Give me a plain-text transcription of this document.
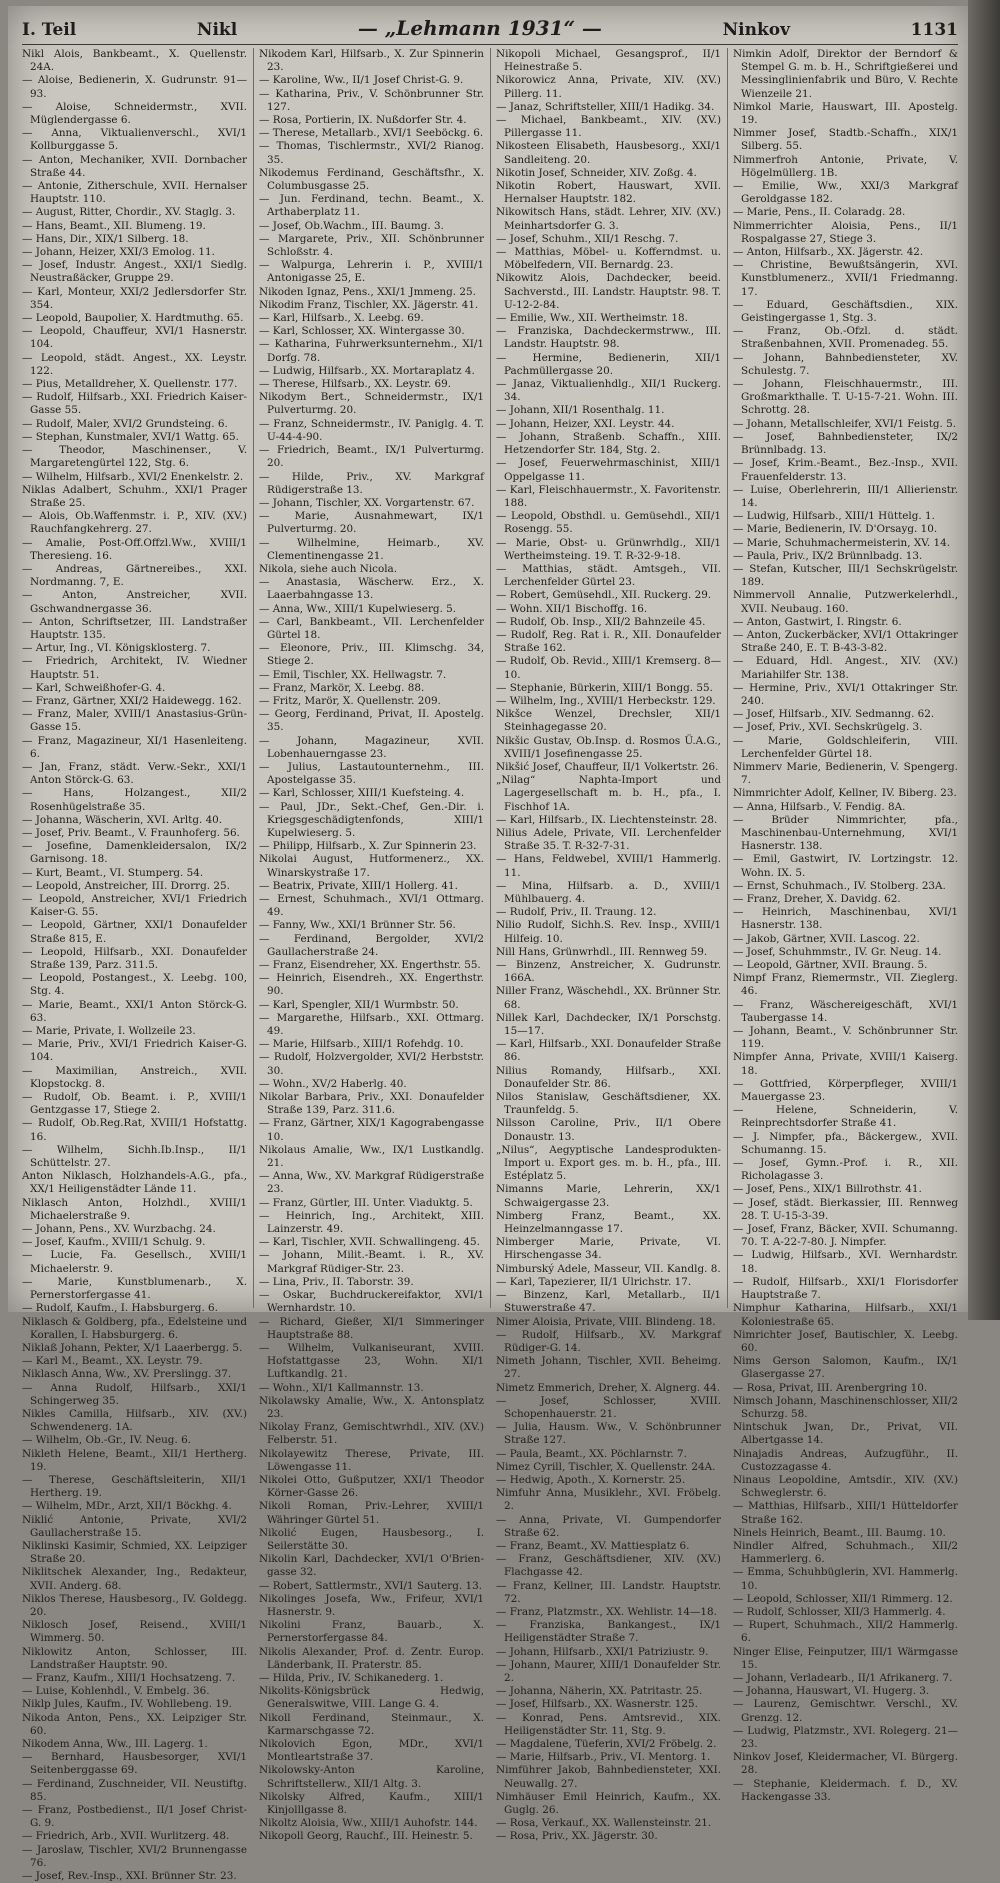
I. Teil	Nikl	— „Lehmann 1931“ —	Ninkov	1131

Nikl Alois, Bankbeamt., X. Quellenstr. 24A.

— Aloise, Bedienerin, X. Gudrunstr. 91—93.

— Aloise, Schneidermstr., XVII. Müglendergasse 6.

— Anna, Viktualienverschl., XVI/1 Kollburggasse 5.

— Anton, Mechaniker, XVII. Dornbacher Straße 44.

— Antonie, Zitherschule, XVII. Hernalser Hauptstr. 110.

— August, Ritter, Chordir., XV. Staglg. 3.

— Hans, Beamt., XII. Blumeng. 19.

— Hans, Dir., XIX/1 Silberg. 18.

— Johann, Heizer, XXI/3 Emolog. 11.

— Josef, Industr. Angest., XXI/1 Siedlg. Neustraßäcker, Gruppe 29.

— Karl, Monteur, XXI/2 Jedlersdorfer Str. 354.

— Leopold, Baupolier, X. Hardtmuthg. 65.

— Leopold, Chauffeur, XVI/1 Hasnerstr. 104.

— Leopold, städt. Angest., XX. Leystr. 122.

— Pius, Metalldreher, X. Quellenstr. 177.

— Rudolf, Hilfsarb., XXI. Friedrich Kaiser-Gasse 55.

— Rudolf, Maler, XVI/2 Grundsteing. 6.

— Stephan, Kunstmaler, XVI/1 Wattg. 65.

— Theodor, Maschinenser., V. Margaretengürtel 122, Stg. 6.

— Wilhelm, Hilfsarb., XVI/2 Enenkelstr. 2.

Niklas Adalbert, Schuhm., XXI/1 Prager Straße 25.

— Alois, Ob.Waffenmstr. i. P., XIV. (XV.) Rauchfangkehrerg. 27.

— Amalie, Post-Off.Offzl.Ww., XVIII/1 Theresieng. 16.

— Andreas, Gärtnereibes., XXI. Nordmanng. 7, E.

— Anton, Anstreicher, XVII. Gschwandnergasse 36.

— Anton, Schriftsetzer, III. Landstraßer Hauptstr. 135.

— Artur, Ing., VI. Königsklosterg. 7.

— Friedrich, Architekt, IV. Wiedner Hauptstr. 51.

— Karl, Schweißhofer-G. 4.

— Franz, Gärtner, XXI/2 Haidewegg. 162.

— Franz, Maler, XVIII/1 Anastasius-Grün-Gasse 15.

— Franz, Magazineur, XI/1 Hasenleiteng. 6.

— Jan, Franz, städt. Verw.-Sekr., XXI/1 Anton Störck-G. 63.

— Hans, Holzangest., XII/2 Rosenhügelstraße 35.

— Johanna, Wäscherin, XVI. Arltg. 40.

— Josef, Priv. Beamt., V. Fraunhoferg. 56.

— Josefine, Damenkleidersalon, IX/2 Garnisong. 18.

— Kurt, Beamt., VI. Stumperg. 54.

— Leopold, Anstreicher, III. Drorrg. 25.

— Leopold, Anstreicher, XVI/1 Friedrich Kaiser-G. 55.

— Leopold, Gärtner, XXI/1 Donaufelder Straße 815, E.

— Leopold, Hilfsarb., XXI. Donaufelder Straße 139, Parz. 311.5.

— Leopold, Postangest., X. Leebg. 100, Stg. 4.

— Marie, Beamt., XXI/1 Anton Störck-G. 63.

— Marie, Private, I. Wollzeile 23.

— Marie, Priv., XVI/1 Friedrich Kaiser-G. 104.

— Maximilian, Anstreich., XVII. Klopstockg. 8.

— Rudolf, Ob. Beamt. i. P., XVIII/1 Gentzgasse 17, Stiege 2.

— Rudolf, Ob.Reg.Rat, XVIII/1 Hofstattg. 16.

— Wilhelm, Sichh.Ib.Insp., II/1 Schüttelstr. 27.

Anton Niklasch, Holzhandels-A.G., pfa., XX/1 Heiligenstädter Lände 11.

Niklasch Anton, Holzhdl., XVIII/1 Michaelerstraße 9.

— Johann, Pens., XV. Wurzbachg. 24.

— Josef, Kaufm., XVIII/1 Schulg. 9.

— Lucie, Fa. Gesellsch., XVIII/1 Michaelerstr. 9.

— Marie, Kunstblumenarb., X. Pernerstorfergasse 41.

— Rudolf, Kaufm., I. Habsburgerg. 6.

Niklasch & Goldberg, pfa., Edelsteine und Korallen, I. Habsburgerg. 6.

Niklaß Johann, Pekter, X/1 Laaerbergg. 5.

— Karl M., Beamt., XX. Leystr. 79.

Niklasch Anna, Ww., XV. Prerslingg. 37.

— Anna Rudolf, Hilfsarb., XXI/1 Schingerweg 35.

Nikles Camilla, Hilfsarb., XIV. (XV.) Schwendenerg. 1A.

— Wilhelm, Ob.-Gr., IV. Neug. 6.

Nikleth Helene, Beamt., XII/1 Hertherg. 19.

— Therese, Geschäftsleiterin, XII/1 Hertherg. 19.

— Wilhelm, MDr., Arzt, XII/1 Böckhg. 4.

Niklić Antonie, Private, XVI/2 Gaullacherstraße 15.

Niklinski Kasimir, Schmied, XX. Leipziger Straße 20.

Niklitschek Alexander, Ing., Redakteur, XVII. Anderg. 68.

Niklos Therese, Hausbesorg., IV. Goldegg. 20.

Niklosch Josef, Reisend., XVIII/1 Wimmerg. 50.

Niklowitz Anton, Schlosser, III. Landstraßer Hauptstr. 90.

— Franz, Kaufm., XIII/1 Hochsatzeng. 7.

— Luise, Kohlenhdl., V. Embelg. 36.

Niklp Jules, Kaufm., IV. Wohllebeng. 19.

Nikoda Anton, Pens., XX. Leipziger Str. 60.

Nikodem Anna, Ww., III. Lagerg. 1.

— Bernhard, Hausbesorger, XVI/1 Seitenberggasse 69.

— Ferdinand, Zuschneider, VII. Neustiftg. 85.

— Franz, Postbedienst., II/1 Josef Christ-G. 9.

— Friedrich, Arb., XVII. Wurlitzerg. 48.

— Jaroslaw, Tischler, XVI/2 Brunnengasse 76.

— Josef, Rev.-Insp., XXI. Brünner Str. 23.

Nikodem Karl, Hilfsarb., X. Zur Spinnerin 23.

— Karoline, Ww., II/1 Josef Christ-G. 9.

— Katharina, Priv., V. Schönbrunner Str. 127.

— Rosa, Portierin, IX. Nußdorfer Str. 4.

— Therese, Metallarb., XVI/1 Seeböckg. 6.

— Thomas, Tischlermstr., XVI/2 Rianog. 35.

Nikodemus Ferdinand, Geschäftsfhr., X. Columbusgasse 25.

— Jun. Ferdinand, techn. Beamt., X. Arthaberplatz 11.

— Josef, Ob.Wachm., III. Baumg. 3.

— Margarete, Priv., XII. Schönbrunner Schloßstr. 4.

— Walpurga, Lehrerin i. P., XVIII/1 Antonigasse 25, E.

Nikoden Ignaz, Pens., XXI/1 Jmmeng. 25.

Nikodim Franz, Tischler, XX. Jägerstr. 41.

— Karl, Hilfsarb., X. Leebg. 69.

— Karl, Schlosser, XX. Wintergasse 30.

— Katharina, Fuhrwerksunternehm., XI/1 Dorfg. 78.

— Ludwig, Hilfsarb., XX. Mortaraplatz 4.

— Therese, Hilfsarb., XX. Leystr. 69.

Nikodym Bert., Schneidermstr., IX/1 Pulverturmg. 20.

— Franz, Schneidermstr., IV. Paniglg. 4. T. U-44-4-90.

— Friedrich, Beamt., IX/1 Pulverturmg. 20.

— Hilde, Priv., XV. Markgraf Rüdigerstraße 13.

— Johann, Tischler, XX. Vorgartenstr. 67.

— Marie, Ausnahmewart, IX/1 Pulverturmg. 20.

— Wilhelmine, Heimarb., XV. Clementinengasse 21.

Nikola, siehe auch Nicola.

— Anastasia, Wäscherw. Erz., X. Laaerbahngasse 13.

— Anna, Ww., XIII/1 Kupelwieserg. 5.

— Carl, Bankbeamt., VII. Lerchenfelder Gürtel 18.

— Eleonore, Priv., III. Klimschg. 34, Stiege 2.

— Emil, Tischler, XX. Hellwagstr. 7.

— Franz, Markör, X. Leebg. 88.

— Fritz, Marör, X. Quellenstr. 209.

— Georg, Ferdinand, Privat, II. Apostelg. 35.

— Johann, Magazineur, XVII. Lobenhauerngasse 23.

— Julius, Lastautounternehm., III. Apostelgasse 35.

— Karl, Schlosser, XIII/1 Kuefsteing. 4.

— Paul, JDr., Sekt.-Chef, Gen.-Dir. i. Kriegsgeschädigtenfonds, XIII/1 Kupelwieserg. 5.

— Philipp, Hilfsarb., X. Zur Spinnerin 23.

Nikolai August, Hutformenerz., XX. Winarskystraße 17.

— Beatrix, Private, XIII/1 Hollerg. 41.

— Ernest, Schuhmach., XVI/1 Ottmarg. 49.

— Fanny, Ww., XXI/1 Brünner Str. 56.

— Ferdinand, Bergolder, XVI/2 Gaullacherstraße 24.

— Franz, Eisendreher, XX. Engerthstr. 55.

— Heinrich, Eisendreh., XX. Engerthstr. 90.

— Karl, Spengler, XII/1 Wurmbstr. 50.

— Margarethe, Hilfsarb., XXI. Ottmarg. 49.

— Marie, Hilfsarb., XIII/1 Rofehdg. 10.

— Rudolf, Holzvergolder, XVI/2 Herbststr. 30.

— Wohn., XV/2 Haberlg. 40.

Nikolar Barbara, Priv., XXI. Donaufelder Straße 139, Parz. 311.6.

— Franz, Gärtner, XIX/1 Kagograbengasse 10.

Nikolaus Amalie, Ww., IX/1 Lustkandlg. 21.

— Anna, Ww., XV. Markgraf Rüdigerstraße 23.

— Franz, Gürtler, III. Unter. Viaduktg. 5.

— Heinrich, Ing., Architekt, XIII. Lainzerstr. 49.

— Karl, Tischler, XVII. Schwallingeng. 45.

— Johann, Milit.-Beamt. i. R., XV. Markgraf Rüdiger-Str. 23.

— Lina, Priv., II. Taborstr. 39.

— Oskar, Buchdruckereifaktor, XVI/1 Wernhardstr. 10.

— Richard, Gießer, XI/1 Simmeringer Hauptstraße 88.

— Wilhelm, Vulkaniseurant, XVIII. Hofstattgasse 23, Wohn. XI/1 Luftkandlg. 21.

— Wohn., XI/1 Kallmannstr. 13.

Nikolawsky Amalie, Ww., X. Antonsplatz 23.

Nikolay Franz, Gemischtwrhdl., XIV. (XV.) Felberstr. 51.

Nikolayewitz Therese, Private, III. Löwengasse 11.

Nikolei Otto, Gußputzer, XXI/1 Theodor Körner-Gasse 26.

Nikoli Roman, Priv.-Lehrer, XVIII/1 Währinger Gürtel 51.

Nikolić Eugen, Hausbesorg., I. Seilerstätte 30.

Nikolin Karl, Dachdecker, XVI/1 O'Brien-gasse 32.

— Robert, Sattlermstr., XVI/1 Sauterg. 13.

Nikolinges Josefa, Ww., Frifeur, XVI/1 Hasnerstr. 9.

Nikolini Franz, Bauarb., X. Pernerstorfergasse 84.

Nikolis Alexander, Prof. d. Zentr. Europ. Länderbank, II. Praterstr. 85.

— Hilda, Priv., IV. Schikanederg. 1.

Nikolits-Königsbrück Hedwig, Generalswitwe, VIII. Lange G. 4.

Nikoll Ferdinand, Steinmaur., X. Karmarschgasse 72.

Nikolovich Egon, MDr., XVI/1 Montleartstraße 37.

Nikolowsky-Anton Karoline, Schriftstellerw., XII/1 Altg. 3.

Nikolsky Alfred, Kaufm., XIII/1 Kinjolllgasse 8.

Nikoltz Aloisia, Ww., XIII/1 Auhofstr. 144.

Nikopoll Georg, Rauchf., III. Heinestr. 5.

Nikopoli Michael, Gesangsprof., II/1 Heinestraße 5.

Nikorowicz Anna, Private, XIV. (XV.) Pillerg. 11.

— Janaz, Schriftsteller, XIII/1 Hadikg. 34.

— Michael, Bankbeamt., XIV. (XV.) Pillergasse 11.

Nikosteen Elisabeth, Hausbesorg., XXI/1 Sandleiteng. 20.

Nikotin Josef, Schneider, XIV. Zoßg. 4.

Nikotin Robert, Hauswart, XVII. Hernalser Hauptstr. 182.

Nikowitsch Hans, städt. Lehrer, XIV. (XV.) Meinhartsdorfer G. 3.

— Josef, Schuhm., XII/1 Reschg. 7.

— Matthias, Möbel- u. Kofferndmst. u. Möbelfedern, VII. Bernardg. 23.

Nikowitz Alois, Dachdecker, beeid. Sachverstd., III. Landstr. Hauptstr. 98. T. U-12-2-84.

— Emilie, Ww., XII. Wertheimstr. 18.

— Franziska, Dachdeckermstrww., III. Landstr. Hauptstr. 98.

— Hermine, Bedienerin, XII/1 Pachmüllergasse 20.

— Janaz, Viktualienhdlg., XII/1 Ruckerg. 34.

— Johann, XII/1 Rosenthalg. 11.

— Johann, Heizer, XXI. Leystr. 44.

— Johann, Straßenb. Schaffn., XIII. Hetzendorfer Str. 184, Stg. 2.

— Josef, Feuerwehrmaschinist, XIII/1 Oppelgasse 11.

— Karl, Fleischhauermstr., X. Favoritenstr. 188.

— Leopold, Obsthdl. u. Gemüsehdl., XII/1 Rosengg. 55.

— Marie, Obst- u. Grünwrhdlg., XII/1 Wertheimsteing. 19. T. R-32-9-18.

— Matthias, städt. Amtsgeh., VII. Lerchenfelder Gürtel 23.

— Robert, Gemüsehdl., XII. Ruckerg. 29.

— Wohn. XII/1 Bischoffg. 16.

— Rudolf, Ob. Insp., XII/2 Bahnzeile 45.

— Rudolf, Reg. Rat i. R., XII. Donaufelder Straße 162.

— Rudolf, Ob. Revid., XIII/1 Kremserg. 8—10.

— Stephanie, Bürkerin, XIII/1 Bongg. 55.

— Wilhelm, Ing., XVIII/1 Herbeckstr. 129.

Nikšce Wenzel, Drechsler, XII/1 Steinhagegasse 20.

Nikšic Gustav, Ob.Insp. d. Rosmos Ü.A.G., XVIII/1 Josefinengasse 25.

Nikšić Josef, Chauffeur, II/1 Volkertstr. 26.

„Nilag“ Naphta-Import und Lagergesellschaft m. b. H., pfa., I. Fischhof 1A.

— Karl, Hilfsarb., IX. Liechtensteinstr. 28.

Nilius Adele, Private, VII. Lerchenfelder Straße 35. T. R-32-7-31.

— Hans, Feldwebel, XVIII/1 Hammerlg. 11.

— Mina, Hilfsarb. a. D., XVIII/1 Mühlbauerg. 4.

— Rudolf, Priv., II. Traung. 12.

Nilio Rudolf, Sichh.S. Rev. Insp., XVIII/1 Hilfeig. 10.

Nill Hans, Grünwrhdl., III. Rennweg 59.

— Binzenz, Anstreicher, X. Gudrunstr. 166A.

Niller Franz, Wäschehdl., XX. Brünner Str. 68.

Nillek Karl, Dachdecker, IX/1 Porschstg. 15—17.

— Karl, Hilfsarb., XXI. Donaufelder Straße 86.

Nilius Romandy, Hilfsarb., XXI. Donaufelder Str. 86.

Nilos Stanislaw, Geschäftsdiener, XX. Traunfeldg. 5.

Nilsson Caroline, Priv., II/1 Obere Donaustr. 13.

„Nilus“, Aegyptische Landesprodukten-Import u. Export ges. m. b. H., pfa., III. Estéplatz 5.

Nimanns Marie, Lehrerin, XX/1 Schwaigergasse 23.

Nimberg Franz, Beamt., XX. Heinzelmanngasse 17.

Nimberger Marie, Private, VI. Hirschengasse 34.

Nimburský Adele, Masseur, VII. Kandlg. 8.

— Karl, Tapezierer, II/1 Ulrichstr. 17.

— Binzenz, Karl, Metallarb., II/1 Stuwerstraße 47.

Nimer Aloisia, Private, VIII. Blindeng. 18.

— Rudolf, Hilfsarb., XV. Markgraf Rüdiger-G. 14.

Nimeth Johann, Tischler, XVII. Beheimg. 27.

Nimetz Emmerich, Dreher, X. Algnerg. 44.

— Josef, Schlosser, XVIII. Schopenhauerstr. 21.

— Julia, Hausm. Ww., V. Schönbrunner Straße 127.

— Paula, Beamt., XX. Pöchlarnstr. 7.

Nimez Cyrill, Tischler, X. Quellenstr. 24A.

— Hedwig, Apoth., X. Kornerstr. 25.

Nimfuhr Anna, Musiklehr., XVI. Fröbelg. 2.

— Anna, Private, VI. Gumpendorfer Straße 62.

— Franz, Beamt., XV. Mattiesplatz 6.

— Franz, Geschäftsdiener, XIV. (XV.) Flachgasse 42.

— Franz, Kellner, III. Landstr. Hauptstr. 72.

— Franz, Platzmstr., XX. Wehlistr. 14—18.

— Franziska, Bankangest., IX/1 Heiligenstädter Straße 7.

— Johann, Hilfsarb., XXI/1 Patriziustr. 9.

— Johann, Maurer, XIII/1 Donaufelder Str. 2.

— Johanna, Näherin, XX. Patritastr. 25.

— Josef, Hilfsarb., XX. Wasnerstr. 125.

— Konrad, Pens. Amtsrevid., XIX. Heiligenstädter Str. 11, Stg. 9.

— Magdalene, Tüeferin, XVI/2 Fröbelg. 2.

— Marie, Hilfsarb., Priv., VI. Mentorg. 1.

Nimführer Jakob, Bahnbediensteter, XXI. Neuwallg. 27.

Nimhäuser Emil Heinrich, Kaufm., XX. Guglg. 26.

— Rosa, Verkauf., XX. Wallensteinstr. 21.

— Rosa, Priv., XX. Jägerstr. 30.

Nimkin Adolf, Direktor der Berndorf & Stempel G. m. b. H., Schriftgießerei und Messinglinienfabrik und Büro, V. Rechte Wienzeile 21.

Nimkol Marie, Hauswart, III. Apostelg. 19.

Nimmer Josef, Stadtb.-Schaffn., XIX/1 Silberg. 55.

Nimmerfroh Antonie, Private, V. Högelmüllerg. 1B.

— Emilie, Ww., XXI/3 Markgraf Geroldgasse 182.

— Marie, Pens., II. Colaradg. 28.

Nimmerrichter Aloisia, Pens., II/1 Rospalgasse 27, Stiege 3.

— Anton, Hilfsarb., XX. Jägerstr. 42.

— Christine, Bewußtsängerin, XVI. Kunstblumenerz., XVII/1 Friedmanng. 17.

— Eduard, Geschäftsdien., XIX. Geistingergasse 1, Stg. 3.

— Franz, Ob.-Ofzl. d. städt. Straßenbahnen, XVII. Promenadeg. 55.

— Johann, Bahnbediensteter, XV. Schulestg. 7.

— Johann, Fleischhauermstr., III. Großmarkthalle. T. U-15-7-21. Wohn. III. Schrottg. 28.

— Johann, Metallschleifer, XVI/1 Feistg. 5.

— Josef, Bahnbediensteter, IX/2 Brünnlbadg. 13.

— Josef, Krim.-Beamt., Bez.-Insp., XVII. Frauenfelderstr. 13.

— Luise, Oberlehrerin, III/1 Allierienstr. 14.

— Ludwig, Hilfsarb., XIII/1 Hüttelg. 1.

— Marie, Bedienerin, IV. D'Orsayg. 10.

— Marie, Schuhmachermeisterin, XV. 14.

— Paula, Priv., IX/2 Brünnlbadg. 13.

— Stefan, Kutscher, III/1 Sechskrügelstr. 189.

Nimmervoll Annalie, Putzwerkelerhdl., XVII. Neubaug. 160.

— Anton, Gastwirt, I. Ringstr. 6.

— Anton, Zuckerbäcker, XVI/1 Ottakringer Straße 240, E. T. B-43-3-82.

— Eduard, Hdl. Angest., XIV. (XV.) Mariahilfer Str. 138.

— Hermine, Priv., XVI/1 Ottakringer Str. 240.

— Josef, Hilfsarb., XIV. Sedmanng. 62.

— Josef, Priv., XVI. Sechskrügelg. 3.

— Marie, Goldschleiferin, VIII. Lerchenfelder Gürtel 18.

Nimmerv Marie, Bedienerin, V. Spengerg. 7.

Nimmrichter Adolf, Kellner, IV. Biberg. 23.

— Anna, Hilfsarb., V. Fendig. 8A.

— Brüder Nimmrichter, pfa., Maschinenbau-Unternehmung, XVI/1 Hasnerstr. 138.

— Emil, Gastwirt, IV. Lortzingstr. 12. Wohn. IX. 5.

— Ernst, Schuhmach., IV. Stolberg. 23A.

— Franz, Dreher, X. Davidg. 62.

— Heinrich, Maschinenbau, XVI/1 Hasnerstr. 138.

— Jakob, Gärtner, XVII. Lascog. 22.

— Josef, Schuhmmstr., IV. Gr. Neug. 14.

— Leopold, Gärtner, XVII. Braung. 5.

Nimpf Franz, Riemermstr., VII. Zieglerg. 46.

— Franz, Wäschereigeschäft, XVI/1 Taubergasse 14.

— Johann, Beamt., V. Schönbrunner Str. 119.

Nimpfer Anna, Private, XVIII/1 Kaiserg. 18.

— Gottfried, Körperpfleger, XVIII/1 Mauergasse 23.

— Helene, Schneiderin, V. Reinprechtsdorfer Straße 41.

— J. Nimpfer, pfa., Bäckergew., XVII. Schumanng. 15.

— Josef, Gymn.-Prof. i. R., XII. Richolagasse 3.

— Josef, Pens., XIX/1 Billrothstr. 41.

— Josef, städt. Bierkassier, III. Rennweg 28. T. U-15-3-39.

— Josef, Franz, Bäcker, XVII. Schumanng. 70. T. A-22-7-80. J. Nimpfer.

— Ludwig, Hilfsarb., XVI. Wernhardstr. 18.

— Rudolf, Hilfsarb., XXI/1 Florisdorfer Hauptstraße 7.

Nimphur Katharina, Hilfsarb., XXI/1 Koloniestraße 65.

Nimrichter Josef, Bautischler, X. Leebg. 60.

Nims Gerson Salomon, Kaufm., IX/1 Glasergasse 27.

— Rosa, Privat, III. Arenbergring 10.

Nimsch Johann, Maschinenschlosser, XII/2 Schurzg. 58.

Nintschuk Jwan, Dr., Privat, VII. Albertgasse 14.

Ninajadis Andreas, Aufzugführ., II. Custozzagasse 4.

Ninaus Leopoldine, Amtsdir., XIV. (XV.) Schweglerstr. 6.

— Matthias, Hilfsarb., XIII/1 Hütteldorfer Straße 162.

Ninels Heinrich, Beamt., III. Baumg. 10.

Nindler Alfred, Schuhmach., XII/2 Hammerlerg. 6.

— Emma, Schuhbüglerin, XVI. Hammerlg. 10.

— Leopold, Schlosser, XII/1 Rimmerg. 12.

— Rudolf, Schlosser, XII/3 Hammerlg. 4.

— Rupert, Schuhmach., XII/2 Hammerlg. 6.

Ninger Elise, Feinputzer, III/1 Wärmgasse 15.

— Johann, Verladearb., II/1 Afrikanerg. 7.

— Johanna, Hauswart, VI. Hugerg. 3.

— Laurenz, Gemischtwr. Verschl., XV. Grenzg. 12.

— Ludwig, Platzmstr., XVI. Rolegerg. 21—23.

Ninkov Josef, Kleidermacher, VI. Bürgerg. 28.

— Stephanie, Kleidermach. f. D., XV. Hackengasse 33.
